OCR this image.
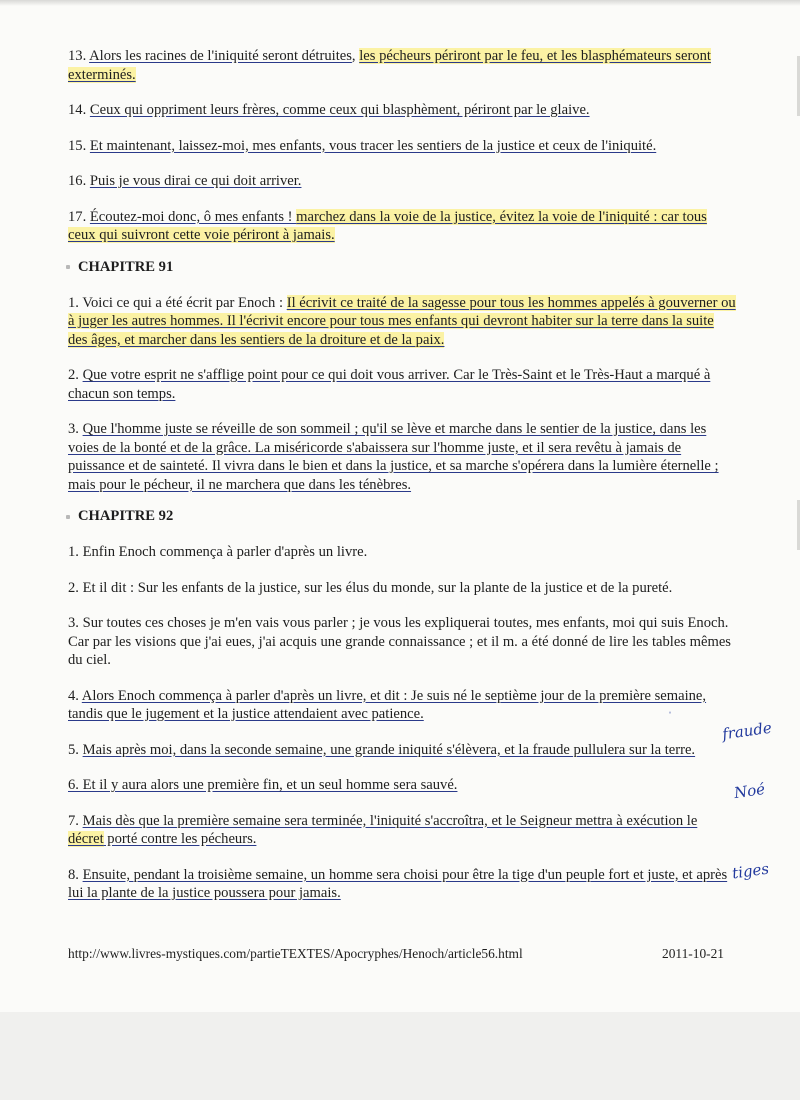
13. Alors les racines de l'iniquité seront détruites, les pécheurs périront par le feu, et les blasphémateurs seront exterminés.

14. Ceux qui oppriment leurs frères, comme ceux qui blasphèment, périront par le glaive.

15. Et maintenant, laissez-moi, mes enfants, vous tracer les sentiers de la justice et ceux de l'iniquité.

16. Puis je vous dirai ce qui doit arriver.

17. Écoutez-moi donc, ô mes enfants ! marchez dans la voie de la justice, évitez la voie de l'iniquité : car tous ceux qui suivront cette voie périront à jamais.

CHAPITRE 91

1. Voici ce qui a été écrit par Enoch : Il écrivit ce traité de la sagesse pour tous les hommes appelés à gouverner ou à juger les autres hommes. Il l'écrivit encore pour tous mes enfants qui devront habiter sur la terre dans la suite des âges, et marcher dans les sentiers de la droiture et de la paix.

2. Que votre esprit ne s'afflige point pour ce qui doit vous arriver. Car le Très-Saint et le Très-Haut a marqué à chacun son temps.

3. Que l'homme juste se réveille de son sommeil ; qu'il se lève et marche dans le sentier de la justice, dans les voies de la bonté et de la grâce. La miséricorde s'abaissera sur l'homme juste, et il sera revêtu à jamais de puissance et de sainteté. Il vivra dans le bien et dans la justice, et sa marche s'opérera dans la lumière éternelle ; mais pour le pécheur, il ne marchera que dans les ténèbres.

CHAPITRE 92

1. Enfin Enoch commença à parler d'après un livre.

2. Et il dit : Sur les enfants de la justice, sur les élus du monde, sur la plante de la justice et de la pureté.

3. Sur toutes ces choses je m'en vais vous parler ; je vous les expliquerai toutes, mes enfants, moi qui suis Enoch. Car par les visions que j'ai eues, j'ai acquis une grande connaissance ; et il m. a été donné de lire les tables mêmes du ciel.

4. Alors Enoch commença à parler d'après un livre, et dit : Je suis né le septième jour de la première semaine, tandis que le jugement et la justice attendaient avec patience.

5. Mais après moi, dans la seconde semaine, une grande iniquité s'élèvera, et la fraude pullulera sur la terre.

6. Et il y aura alors une première fin, et un seul homme sera sauvé.

7. Mais dès que la première semaine sera terminée, l'iniquité s'accroîtra, et le Seigneur mettra à exécution le décret porté contre les pécheurs.

8. Ensuite, pendant la troisième semaine, un homme sera choisi pour être la tige d'un peuple fort et juste, et après lui la plante de la justice poussera pour jamais.

http://www.livres-mystiques.com/partieTEXTES/Apocryphes/Henoch/article56.html	2011-10-21
fraude
Noé
tiges
ˌ
